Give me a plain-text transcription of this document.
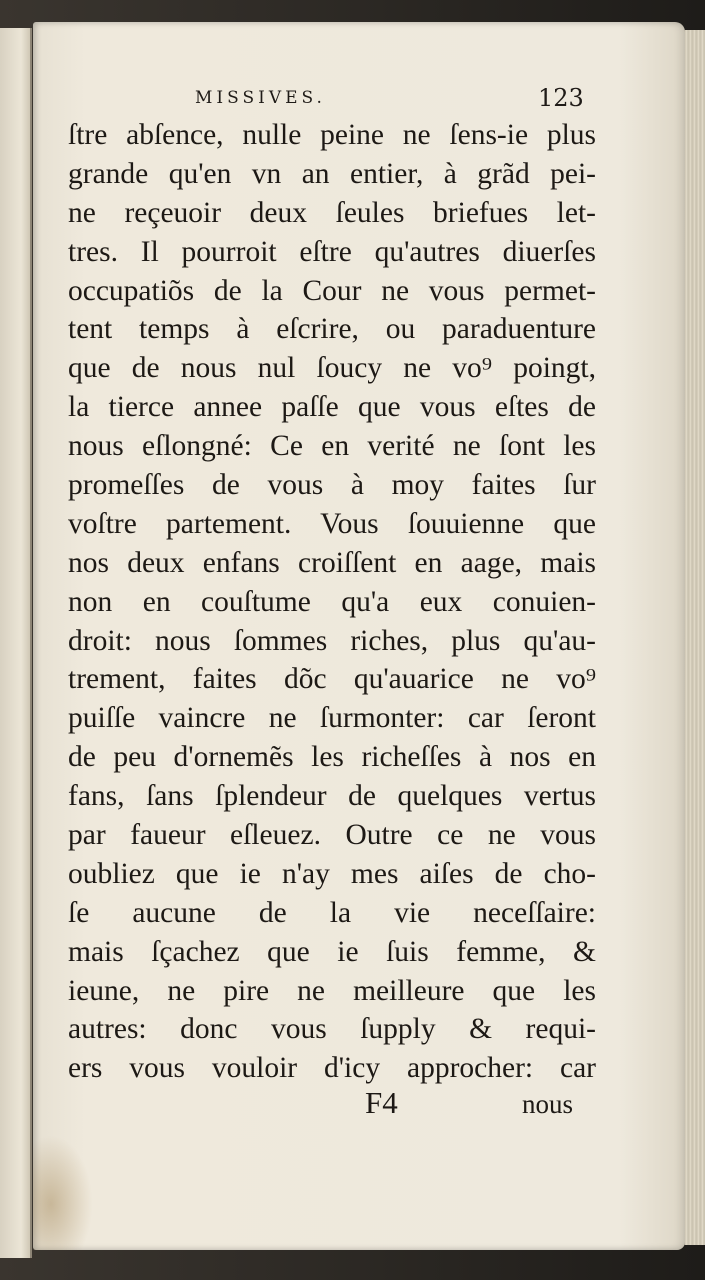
MISSIVES.	123
ſtre abſence, nulle peine ne ſens-ie plus
grande qu'en vn an entier, à grãd pei-
ne reçeuoir deux ſeules briefues let-
tres. Il pourroit eſtre qu'autres diuerſes
occupatiõs de la Cour ne vous permet-
tent temps à eſcrire, ou paraduenture
que de nous nul ſoucy ne vo⁹ poingt,
la tierce annee paſſe que vous eſtes de
nous eſlongné: Ce en verité ne ſont les
promeſſes de vous à moy faites ſur
voſtre partement. Vous ſouuienne que
nos deux enfans croiſſent en aage, mais
non en couſtume qu'a eux conuien-
droit: nous ſommes riches, plus qu'au-
trement, faites dõc qu'auarice ne vo⁹
puiſſe vaincre ne ſurmonter: car ſeront
de peu d'ornemẽs les richeſſes à nos en
fans, ſans ſplendeur de quelques vertus
par faueur eſleuez. Outre ce ne vous
oubliez que ie n'ay mes aiſes de cho-
ſe aucune de la vie neceſſaire:
mais ſçachez que ie ſuis femme, &
ieune, ne pire ne meilleure que les
autres: donc vous ſupply & requi-
ers vous vouloir d'icy approcher: car
F4	nous
